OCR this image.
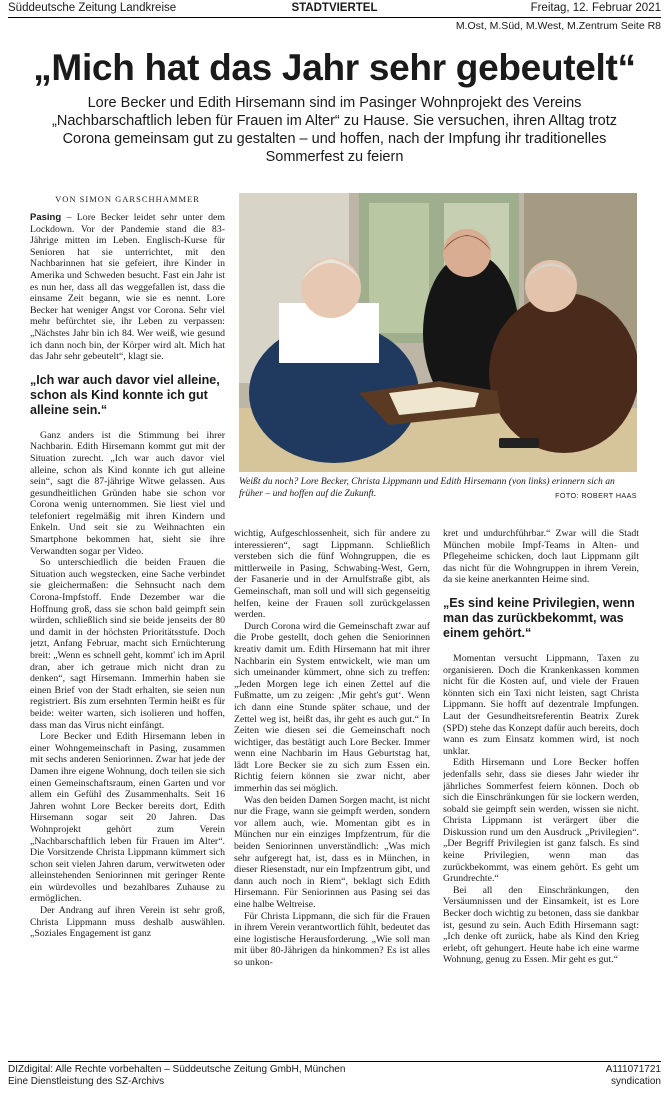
Süddeutsche Zeitung Landkreise	STADTVIERTEL	Freitag, 12. Februar 2021
M.Ost, M.Süd, M.West, M.Zentrum Seite R8
„Mich hat das Jahr sehr gebeutelt“
Lore Becker und Edith Hirsemann sind im Pasinger Wohnprojekt des Vereins „Nachbarschaftlich leben für Frauen im Alter“ zu Hause. Sie versuchen, ihren Alltag trotz Corona gemeinsam gut zu gestalten – und hoffen, nach der Impfung ihr traditionelles Sommerfest zu feiern
VON SIMON GARSCHHAMMER

Pasing – Lore Becker leidet sehr unter dem Lockdown. Vor der Pandemie stand die 83-Jährige mitten im Leben. Englisch-Kurse für Senioren hat sie unterrichtet, mit den Nachbarinnen hat sie gefeiert, ihre Kinder in Amerika und Schweden besucht. Fast ein Jahr ist es nun her, dass all das weggefallen ist, dass die einsame Zeit begann, wie sie es nennt. Lore Becker hat weniger Angst vor Corona. Sehr viel mehr befürchtet sie, ihr Leben zu verpassen: „Nächstes Jahr bin ich 84. Wer weiß, wie gesund ich dann noch bin, der Körper wird alt. Mich hat das Jahr sehr gebeutelt“, klagt sie.

„Ich war auch davor viel alleine, schon als Kind konnte ich gut alleine sein.“

Ganz anders ist die Stimmung bei ihrer Nachbarin. Edith Hirsemann kommt gut mit der Situation zurecht. „Ich war auch davor viel alleine, schon als Kind konnte ich gut alleine sein“, sagt die 87-jährige Witwe gelassen. Aus gesundheitlichen Gründen habe sie schon vor Corona wenig unternommen. Sie liest viel und telefoniert regelmäßig mit ihren Kindern und Enkeln. Und seit sie zu Weihnachten ein Smartphone bekommen hat, sieht sie ihre Verwandten sogar per Video.

So unterschiedlich die beiden Frauen die Situation auch wegstecken, eine Sache verbindet sie gleichermaßen: die Sehnsucht nach dem Corona-Impfstoff. Ende Dezember war die Hoffnung groß, dass sie schon bald geimpft sein würden, schließlich sind sie beide jenseits der 80 und damit in der höchsten Prioritätsstufe. Doch jetzt, Anfang Februar, macht sich Ernüchterung breit: „Wenn es schnell geht, kommt' ich im April dran, aber ich getraue mich nicht dran zu denken“, sagt Hirsemann. Immerhin haben sie einen Brief von der Stadt erhalten, sie seien nun registriert. Bis zum ersehnten Termin heißt es für beide: weiter warten, sich isolieren und hoffen, dass man das Virus nicht einfängt.

Lore Becker und Edith Hirsemann leben in einer Wohngemeinschaft in Pasing, zusammen mit sechs anderen Seniorinnen. Zwar hat jede der Damen ihre eigene Wohnung, doch teilen sie sich einen Gemeinschaftsraum, einen Garten und vor allem ein Gefühl des Zusammenhalts. Seit 16 Jahren wohnt Lore Becker bereits dort, Edith Hirsemann sogar seit 20 Jahren. Das Wohnprojekt gehört zum Verein „Nachbarschaftlich leben für Frauen im Alter“. Die Vorsitzende Christa Lippmann kümmert sich schon seit vielen Jahren darum, verwitweten oder alleinstehenden Seniorinnen mit geringer Rente ein würdevolles und bezahlbares Zuhause zu ermöglichen.

Der Andrang auf ihren Verein ist sehr groß, Christa Lippmann muss deshalb auswählen. „Soziales Engagement ist ganz

Weißt du noch? Lore Becker, Christa Lippmann und Edith Hirsemann (von links) erinnern sich an früher – und hoffen auf die Zukunft.	FOTO: ROBERT HAAS

wichtig, Aufgeschlossenheit, sich für andere zu interessieren“, sagt Lippmann. Schließlich versteben sich die fünf Wohngruppen, die es mittlerweile in Pasing, Schwabing-West, Gern, der Fasanerie und in der Arnulfstraße gibt, als Gemeinschaft, man soll und will sich gegenseitig helfen, keine der Frauen soll zurückgelassen werden.

Durch Corona wird die Gemeinschaft zwar auf die Probe gestellt, doch gehen die Seniorinnen kreativ damit um. Edith Hirsemann hat mit ihrer Nachbarin ein System entwickelt, wie man um sich umeinander kümmert, ohne sich zu treffen: „Jeden Morgen lege ich einen Zettel auf die Fußmatte, um zu zeigen: ‚Mir geht's gut‘. Wenn ich dann eine Stunde später schaue, und der Zettel weg ist, heißt das, ihr geht es auch gut.“ In Zeiten wie diesen sei die Gemeinschaft noch wichtiger, das bestätigt auch Lore Becker. Immer wenn eine Nachbarin im Haus Geburtstag hat, lädt Lore Becker sie zu sich zum Essen ein. Richtig feiern können sie zwar nicht, aber immerhin das sei möglich.

Was den beiden Damen Sorgen macht, ist nicht nur die Frage, wann sie geimpft werden, sondern vor allem auch, wie. Momentan gibt es in München nur ein einziges Impfzentrum, für die beiden Seniorinnen unverständlich: „Was mich sehr aufgeregt hat, ist, dass es in München, in dieser Riesenstadt, nur ein Impfzentrum gibt, und dann auch noch in Riem“, beklagt sich Edith Hirsemann. Für Seniorinnen aus Pasing sei das eine halbe Weltreise.

Für Christa Lippmann, die sich für die Frauen in ihrem Verein verantwortlich fühlt, bedeutet das eine logistische Herausforderung. „Wie soll man mit über 80-Jährigen da hinkommen? Es ist alles so unkon-

kret und undurchführbar.“ Zwar will die Stadt München mobile Impf-Teams in Alten- und Pflegeheime schicken, doch laut Lippmann gilt das nicht für die Wohngruppen in ihrem Verein, da sie keine anerkannten Heime sind.

„Es sind keine Privilegien, wenn man das zurückbekommt, was einem gehört.“

Momentan versucht Lippmann, Taxen zu organisieren. Doch die Krankenkassen kommen nicht für die Kosten auf, und viele der Frauen könnten sich ein Taxi nicht leisten, sagt Christa Lippmann. Sie hofft auf dezentrale Impfungen. Laut der Gesundheitsreferentin Beatrix Zurek (SPD) stehe das Konzept dafür auch bereits, doch wann es zum Einsatz kommen wird, ist noch unklar.

Edith Hirsemann und Lore Becker hoffen jedenfalls sehr, dass sie dieses Jahr wieder ihr jährliches Sommerfest feiern können. Doch ob sich die Einschränkungen für sie lockern werden, sobald sie geimpft sein werden, wissen sie nicht. Christa Lippmann ist verärgert über die Diskussion rund um den Ausdruck „Privilegien“. „Der Begriff Privilegien ist ganz falsch. Es sind keine Privilegien, wenn man das zurückbekommt, was einem gehört. Es geht um Grundrechte.“

Bei all den Einschränkungen, den Versäumnissen und der Einsamkeit, ist es Lore Becker doch wichtig zu betonen, dass sie dankbar ist, gesund zu sein. Auch Edith Hirsemann sagt: „Ich denke oft zurück, habe als Kind den Krieg erlebt, oft gehungert. Heute habe ich eine warme Wohnung, genug zu Essen. Mir geht es gut.“

DIZdigital: Alle Rechte vorbehalten – Süddeutsche Zeitung GmbH, München
Eine Dienstleistung des SZ-Archivs
A111071721
syndication
